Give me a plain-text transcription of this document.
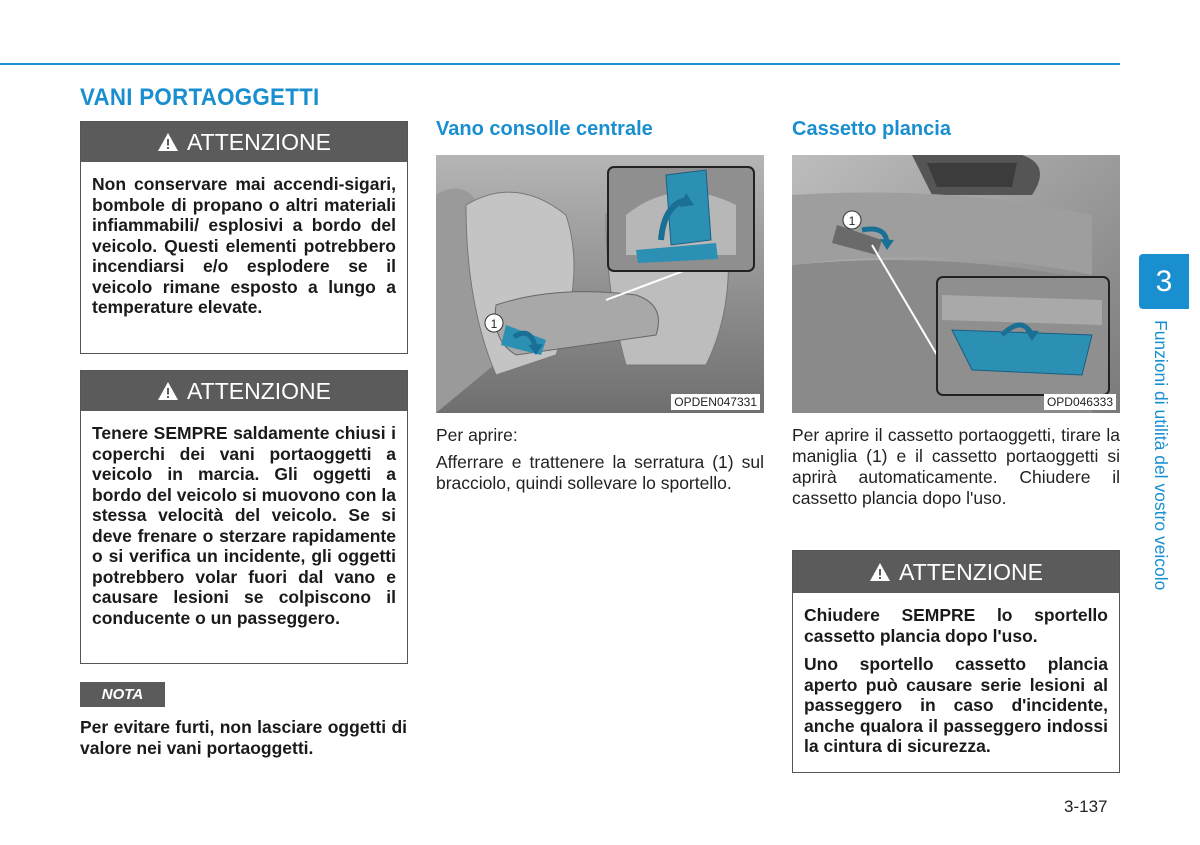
VANI PORTAOGGETTI
ATTENZIONE

Non conservare mai accendi-sigari, bombole di propano o altri materiali infiammabili/ esplosivi a bordo del veicolo. Questi elementi potrebbero incendiarsi e/o esplodere se il veicolo rimane esposto a lungo a temperature elevate.

ATTENZIONE

Tenere SEMPRE saldamente chiusi i coperchi dei vani portaoggetti a veicolo in marcia. Gli oggetti a bordo del veicolo si muovono con la stessa velocità del veicolo. Se si deve frenare o sterzare rapidamente o si verifica un incidente, gli oggetti potrebbero volar fuori dal vano e causare lesioni se colpiscono il conducente o un passeggero.

NOTA
Per evitare furti, non lasciare oggetti di valore nei vani portaoggetti.
Vano consolle centrale
1
OPDEN047331

Per aprire:

Afferrare e trattenere la serratura (1) sul bracciolo, quindi sollevare lo sportello.

Cassetto plancia
1
OPD046333

Per aprire il cassetto portaoggetti, tirare la maniglia (1) e il cassetto portaoggetti si aprirà automaticamente. Chiudere il cassetto plancia dopo l'uso.

ATTENZIONE

Chiudere SEMPRE lo sportello cassetto plancia dopo l'uso.

Uno sportello cassetto plancia aperto può causare serie lesioni al passeggero in caso d'incidente, anche qualora il passeggero indossi la cintura di sicurezza.

3
Funzioni di utilità del vostro veicolo
3-137
